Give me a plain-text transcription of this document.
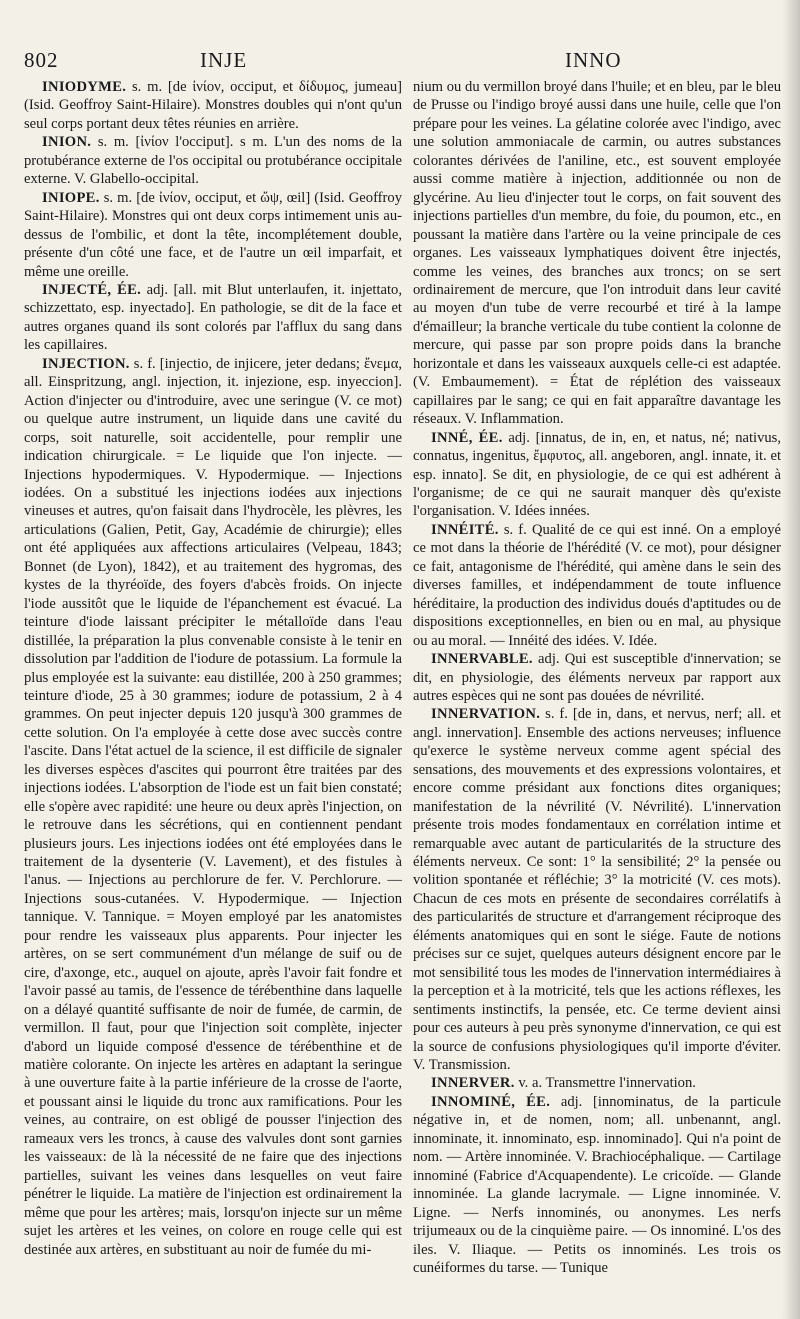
802	INJE	INNO

INIODYME. s. m. [de ἰνίον, occiput, et δίδυμος, jumeau] (Isid. Geoffroy Saint-Hilaire). Monstres doubles qui n'ont qu'un seul corps portant deux têtes réunies en arrière.

INION. s. m. [ἰνίον l'occiput]. s m. L'un des noms de la protubérance externe de l'os occipital ou protubérance occipitale externe. V. Glabello-occipital.

INIOPE. s. m. [de ἰνίον, occiput, et ὤψ, œil] (Isid. Geoffroy Saint-Hilaire). Monstres qui ont deux corps intimement unis au-dessus de l'ombilic, et dont la tête, incomplétement double, présente d'un côté une face, et de l'autre un œil imparfait, et même une oreille.

INJECTÉ, ÉE. adj. [all. mit Blut unterlaufen, it. injettato, schizzettato, esp. inyectado]. En pathologie, se dit de la face et autres organes quand ils sont colorés par l'afflux du sang dans les capillaires.

INJECTION. s. f. [injectio, de injicere, jeter dedans; ἔνεμα, all. Einspritzung, angl. injection, it. injezione, esp. inyeccion]. Action d'injecter ou d'introduire, avec une seringue (V. ce mot) ou quelque autre instrument, un liquide dans une cavité du corps, soit naturelle, soit accidentelle, pour remplir une indication chirurgicale. = Le liquide que l'on injecte. — Injections hypodermiques. V. Hypodermique. — Injections iodées. On a substitué les injections iodées aux injections vineuses et autres, qu'on faisait dans l'hydrocèle, les plèvres, les articulations (Galien, Petit, Gay, Académie de chirurgie); elles ont été appliquées aux affections articulaires (Velpeau, 1843; Bonnet (de Lyon), 1842), et au traitement des hygromas, des kystes de la thyréoïde, des foyers d'abcès froids. On injecte l'iode aussitôt que le liquide de l'épanchement est évacué. La teinture d'iode laissant précipiter le métalloïde dans l'eau distillée, la préparation la plus convenable consiste à le tenir en dissolution par l'addition de l'iodure de potassium. La formule la plus employée est la suivante: eau distillée, 200 à 250 grammes; teinture d'iode, 25 à 30 grammes; iodure de potassium, 2 à 4 grammes. On peut injecter depuis 120 jusqu'à 300 grammes de cette solution. On l'a employée à cette dose avec succès contre l'ascite. Dans l'état actuel de la science, il est difficile de signaler les diverses espèces d'ascites qui pourront être traitées par des injections iodées. L'absorption de l'iode est un fait bien constaté; elle s'opère avec rapidité: une heure ou deux après l'injection, on le retrouve dans les sécrétions, qui en contiennent pendant plusieurs jours. Les injections iodées ont été employées dans le traitement de la dysenterie (V. Lavement), et des fistules à l'anus. — Injections au perchlorure de fer. V. Perchlorure. — Injections sous-cutanées. V. Hypodermique. — Injection tannique. V. Tannique. = Moyen employé par les anatomistes pour rendre les vaisseaux plus apparents. Pour injecter les artères, on se sert communément d'un mélange de suif ou de cire, d'axonge, etc., auquel on ajoute, après l'avoir fait fondre et l'avoir passé au tamis, de l'essence de térébenthine dans laquelle on a délayé quantité suffisante de noir de fumée, de carmin, de vermillon. Il faut, pour que l'injection soit complète, injecter d'abord un liquide composé d'essence de térébenthine et de matière colorante. On injecte les artères en adaptant la seringue à une ouverture faite à la partie inférieure de la crosse de l'aorte, et poussant ainsi le liquide du tronc aux ramifications. Pour les veines, au contraire, on est obligé de pousser l'injection des rameaux vers les troncs, à cause des valvules dont sont garnies les vaisseaux: de là la nécessité de ne faire que des injections partielles, suivant les veines dans lesquelles on veut faire pénétrer le liquide. La matière de l'injection est ordinairement la même que pour les artères; mais, lorsqu'on injecte sur un même sujet les artères et les veines, on colore en rouge celle qui est destinée aux artères, en substituant au noir de fumée du mi-

nium ou du vermillon broyé dans l'huile; et en bleu, par le bleu de Prusse ou l'indigo broyé aussi dans une huile, celle que l'on prépare pour les veines. La gélatine colorée avec l'indigo, avec une solution ammoniacale de carmin, ou autres substances colorantes dérivées de l'aniline, etc., est souvent employée aussi comme matière à injection, additionnée ou non de glycérine. Au lieu d'injecter tout le corps, on fait souvent des injections partielles d'un membre, du foie, du poumon, etc., en poussant la matière dans l'artère ou la veine principale de ces organes. Les vaisseaux lymphatiques doivent être injectés, comme les veines, des branches aux troncs; on se sert ordinairement de mercure, que l'on introduit dans leur cavité au moyen d'un tube de verre recourbé et tiré à la lampe d'émailleur; la branche verticale du tube contient la colonne de mercure, qui passe par son propre poids dans la branche horizontale et dans les vaisseaux auxquels celle-ci est adaptée. (V. Embaumement). = État de réplétion des vaisseaux capillaires par le sang; ce qui en fait apparaître davantage les réseaux. V. Inflammation.

INNÉ, ÉE. adj. [innatus, de in, en, et natus, né; nativus, connatus, ingenitus, ἔμφυτος, all. angeboren, angl. innate, it. et esp. innato]. Se dit, en physiologie, de ce qui est adhérent à l'organisme; de ce qui ne saurait manquer dès qu'existe l'organisation. V. Idées innées.

INNÉITÉ. s. f. Qualité de ce qui est inné. On a employé ce mot dans la théorie de l'hérédité (V. ce mot), pour désigner ce fait, antagonisme de l'hérédité, qui amène dans le sein des diverses familles, et indépendamment de toute influence héréditaire, la production des individus doués d'aptitudes ou de dispositions exceptionnelles, en bien ou en mal, au physique ou au moral. — Innéité des idées. V. Idée.

INNERVABLE. adj. Qui est susceptible d'innervation; se dit, en physiologie, des éléments nerveux par rapport aux autres espèces qui ne sont pas douées de névrilité.

INNERVATION. s. f. [de in, dans, et nervus, nerf; all. et angl. innervation]. Ensemble des actions nerveuses; influence qu'exerce le système nerveux comme agent spécial des sensations, des mouvements et des expressions volontaires, et encore comme présidant aux fonctions dites organiques; manifestation de la névrilité (V. Névrilité). L'innervation présente trois modes fondamentaux en corrélation intime et remarquable avec autant de particularités de la structure des éléments nerveux. Ce sont: 1° la sensibilité; 2° la pensée ou volition spontanée et réfléchie; 3° la motricité (V. ces mots). Chacun de ces mots en présente de secondaires corrélatifs à des particularités de structure et d'arrangement réciproque des éléments anatomiques qui en sont le siége. Faute de notions précises sur ce sujet, quelques auteurs désignent encore par le mot sensibilité tous les modes de l'innervation intermédiaires à la perception et à la motricité, tels que les actions réflexes, les sentiments instinctifs, la pensée, etc. Ce terme devient ainsi pour ces auteurs à peu près synonyme d'innervation, ce qui est la source de confusions physiologiques qu'il importe d'éviter. V. Transmission.

INNERVER. v. a. Transmettre l'innervation.

INNOMINÉ, ÉE. adj. [innominatus, de la particule négative in, et de nomen, nom; all. unbenannt, angl. innominate, it. innominato, esp. innominado]. Qui n'a point de nom. — Artère innominée. V. Brachiocéphalique. — Cartilage innominé (Fabrice d'Acquapendente). Le cricoïde. — Glande innominée. La glande lacrymale. — Ligne innominée. V. Ligne. — Nerfs innominés, ou anonymes. Les nerfs trijumeaux ou de la cinquième paire. — Os innominé. L'os des iles. V. Iliaque. — Petits os innominés. Les trois os cunéiformes du tarse. — Tunique
